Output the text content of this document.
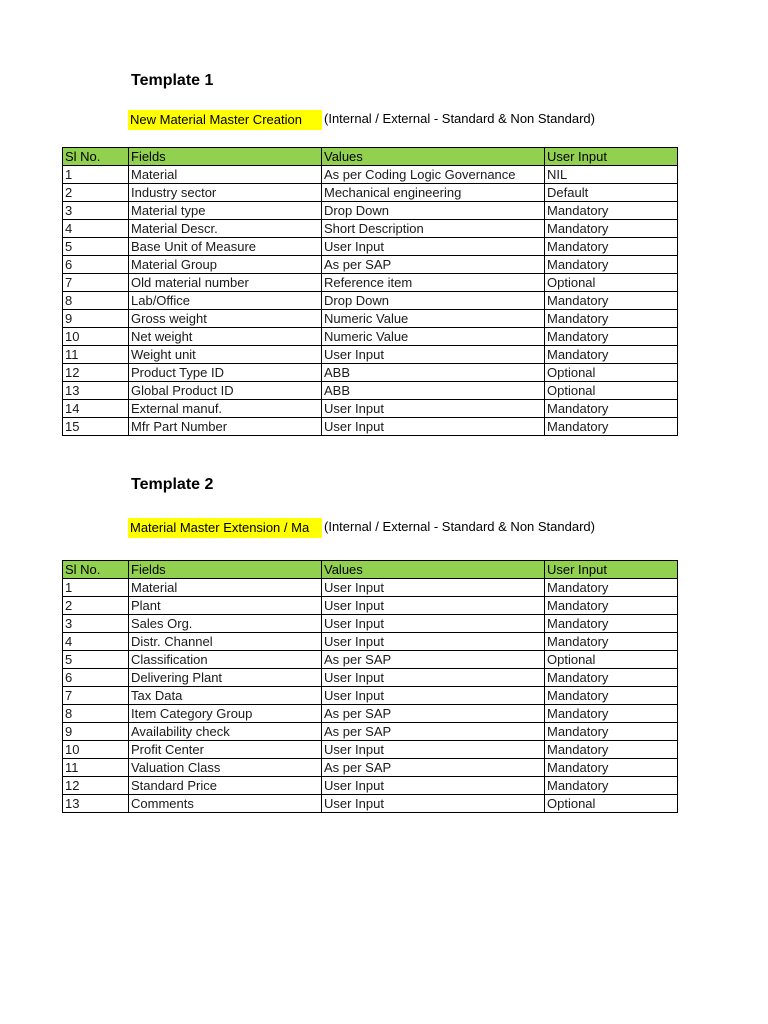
Template 1
New Material Master Creation (Internal / External - Standard & Non Standard)
Sl No.	Fields	Values	User Input
1	Material	As per Coding Logic Governance	NIL
2	Industry sector	Mechanical engineering	Default
3	Material type	Drop Down	Mandatory
4	Material Descr.	Short Description	Mandatory
5	Base Unit of Measure	User Input	Mandatory
6	Material Group	As per SAP	Mandatory
7	Old material number	Reference item	Optional
8	Lab/Office	Drop Down	Mandatory
9	Gross weight	Numeric Value	Mandatory
10	Net weight	Numeric Value	Mandatory
11	Weight unit	User Input	Mandatory
12	Product Type ID	ABB	Optional
13	Global Product ID	ABB	Optional
14	External manuf.	User Input	Mandatory
15	Mfr Part Number	User Input	Mandatory
Template 2
Material Master Extension / Ma (Internal / External - Standard & Non Standard)
Sl No.	Fields	Values	User Input
1	Material	User Input	Mandatory
2	Plant	User Input	Mandatory
3	Sales Org.	User Input	Mandatory
4	Distr. Channel	User Input	Mandatory
5	Classification	As per SAP	Optional
6	Delivering Plant	User Input	Mandatory
7	Tax Data	User Input	Mandatory
8	Item Category Group	As per SAP	Mandatory
9	Availability check	As per SAP	Mandatory
10	Profit Center	User Input	Mandatory
11	Valuation Class	As per SAP	Mandatory
12	Standard Price	User Input	Mandatory
13	Comments	User Input	Optional
